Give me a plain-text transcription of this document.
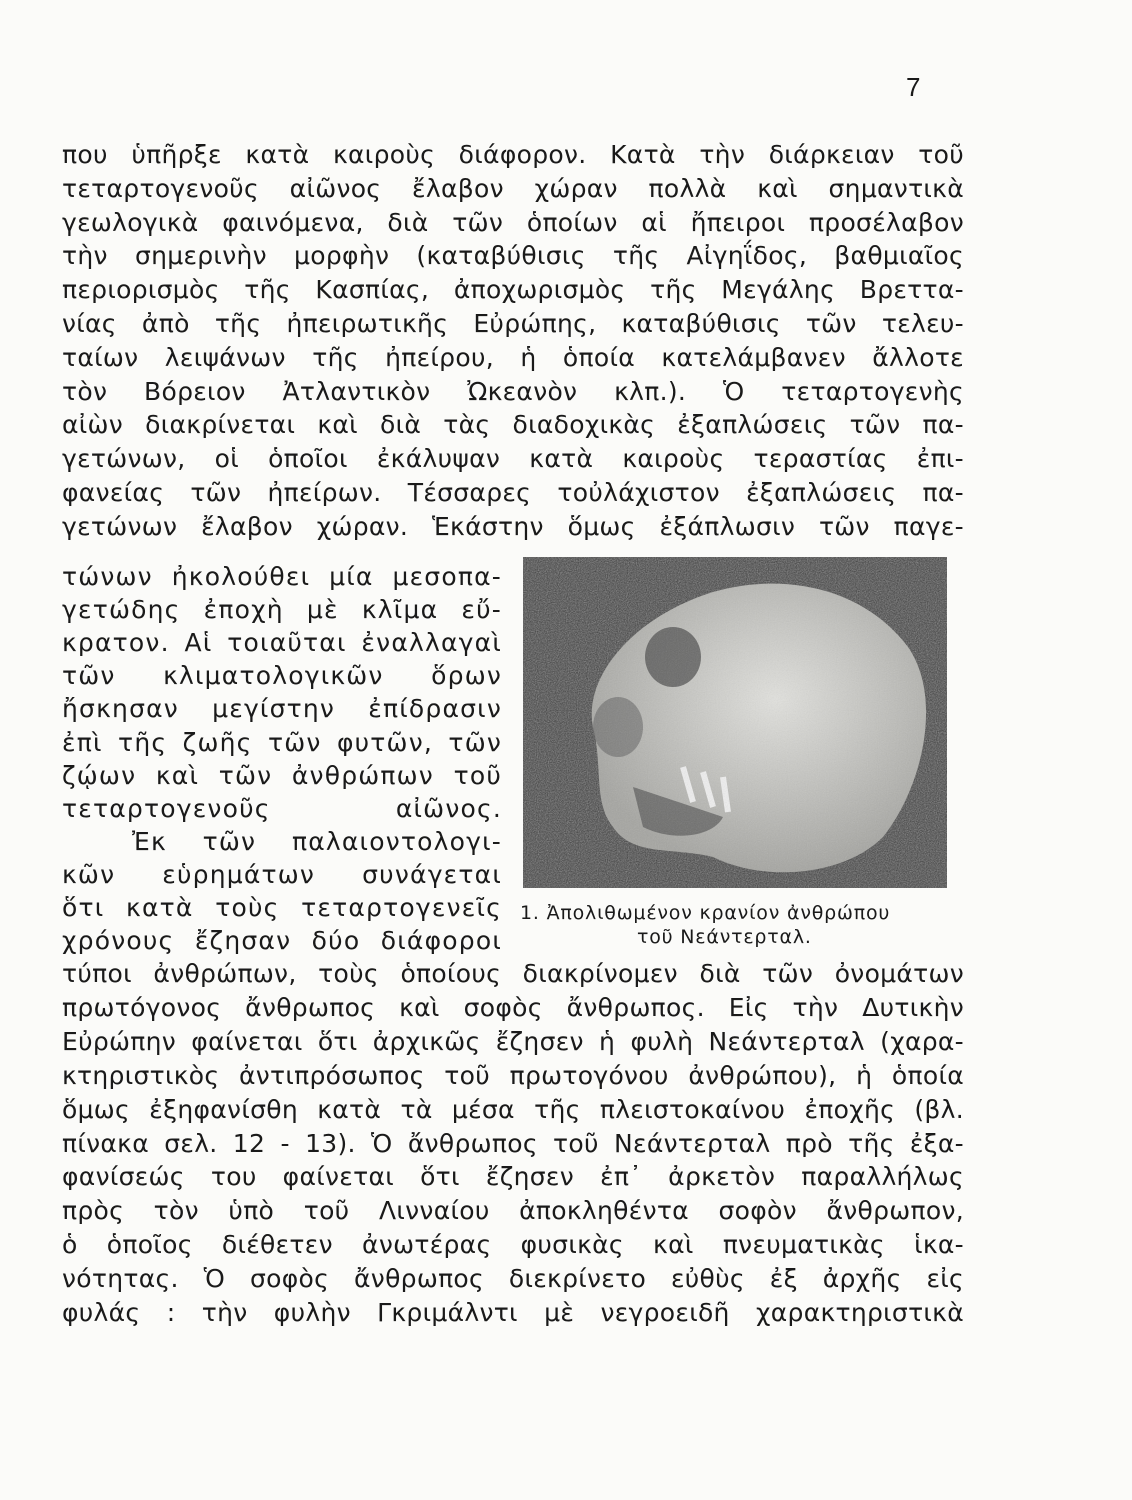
7
που ὑπῆρξε κατὰ καιροὺς διάφορον. Κατὰ τὴν διάρκειαν τοῦ
τεταρτογενοῦς αἰῶνος ἔλαβον χώραν πολλὰ καὶ σημαντικὰ
γεωλογικὰ φαινόμενα, διὰ τῶν ὁποίων αἱ ἤπειροι προσέλαβον
τὴν σημερινὴν μορφὴν (καταβύθισις τῆς Αἰγηΐδος, βαθμιαῖος
περιορισμὸς τῆς Κασπίας, ἀποχωρισμὸς τῆς Μεγάλης Βρεττα-
νίας ἀπὸ τῆς ἠπειρωτικῆς Εὐρώπης, καταβύθισις τῶν τελευ-
ταίων λειψάνων τῆς ἠπείρου, ἡ ὁποία κατελάμβανεν ἄλλοτε
τὸν Βόρειον Ἀτλαντικὸν Ὠκεανὸν κλπ.). Ὁ τεταρτογενὴς
αἰὼν διακρίνεται καὶ διὰ τὰς διαδοχικὰς ἐξαπλώσεις τῶν πα-
γετώνων, οἱ ὁποῖοι ἐκάλυψαν κατὰ καιροὺς τεραστίας ἐπι-
φανείας τῶν ἠπείρων. Τέσσαρες τοὐλάχιστον ἐξαπλώσεις πα-
γετώνων ἔλαβον χώραν. Ἑκάστην ὅμως ἐξάπλωσιν τῶν παγε-
τώνων ἠκολούθει μία μεσοπα-
γετώδης ἐποχὴ μὲ κλῖμα εὔ-
κρατον. Αἱ τοιαῦται ἐναλλαγαὶ
τῶν κλιματολογικῶν ὅρων
ἤσκησαν μεγίστην ἐπίδρασιν
ἐπὶ τῆς ζωῆς τῶν φυτῶν, τῶν
ζῴων καὶ τῶν ἀνθρώπων τοῦ
τεταρτογενοῦς αἰῶνος.
Ἐκ τῶν παλαιοντολογι-
κῶν εὑρημάτων συνάγεται
ὅτι κατὰ τοὺς τεταρτογενεῖς
χρόνους ἔζησαν δύο διάφοροι
τύποι ἀνθρώπων, τοὺς ὁποίους διακρίνομεν διὰ τῶν ὀνομάτων
πρωτόγονος ἄνθρωπος καὶ σοφὸς ἄνθρωπος. Εἰς τὴν Δυτικὴν
Εὐρώπην φαίνεται ὅτι ἀρχικῶς ἔζησεν ἡ φυλὴ Νεάντερταλ (χαρα-
κτηριστικὸς ἀντιπρόσωπος τοῦ πρωτογόνου ἀνθρώπου), ἡ ὁποία
ὅμως ἐξηφανίσθη κατὰ τὰ μέσα τῆς πλειστοκαίνου ἐποχῆς (βλ.
πίνακα σελ. 12 - 13). Ὁ ἄνθρωπος τοῦ Νεάντερταλ πρὸ τῆς ἐξα-
φανίσεώς του φαίνεται ὅτι ἔζησεν ἐπ᾿ ἀρκετὸν παραλλήλως
πρὸς τὸν ὑπὸ τοῦ Λινναίου ἀποκληθέντα σοφὸν ἄνθρωπον,
ὁ ὁποῖος διέθετεν ἀνωτέρας φυσικὰς καὶ πνευματικὰς ἱκα-
νότητας. Ὁ σοφὸς ἄνθρωπος διεκρίνετο εὐθὺς ἐξ ἀρχῆς εἰς
φυλάς : τὴν φυλὴν Γκριμάλντι μὲ νεγροειδῆ χαρακτηριστικὰ
1. Ἀπολιθωμένον κρανίον ἀνθρώπου
τοῦ Νεάντερταλ.
